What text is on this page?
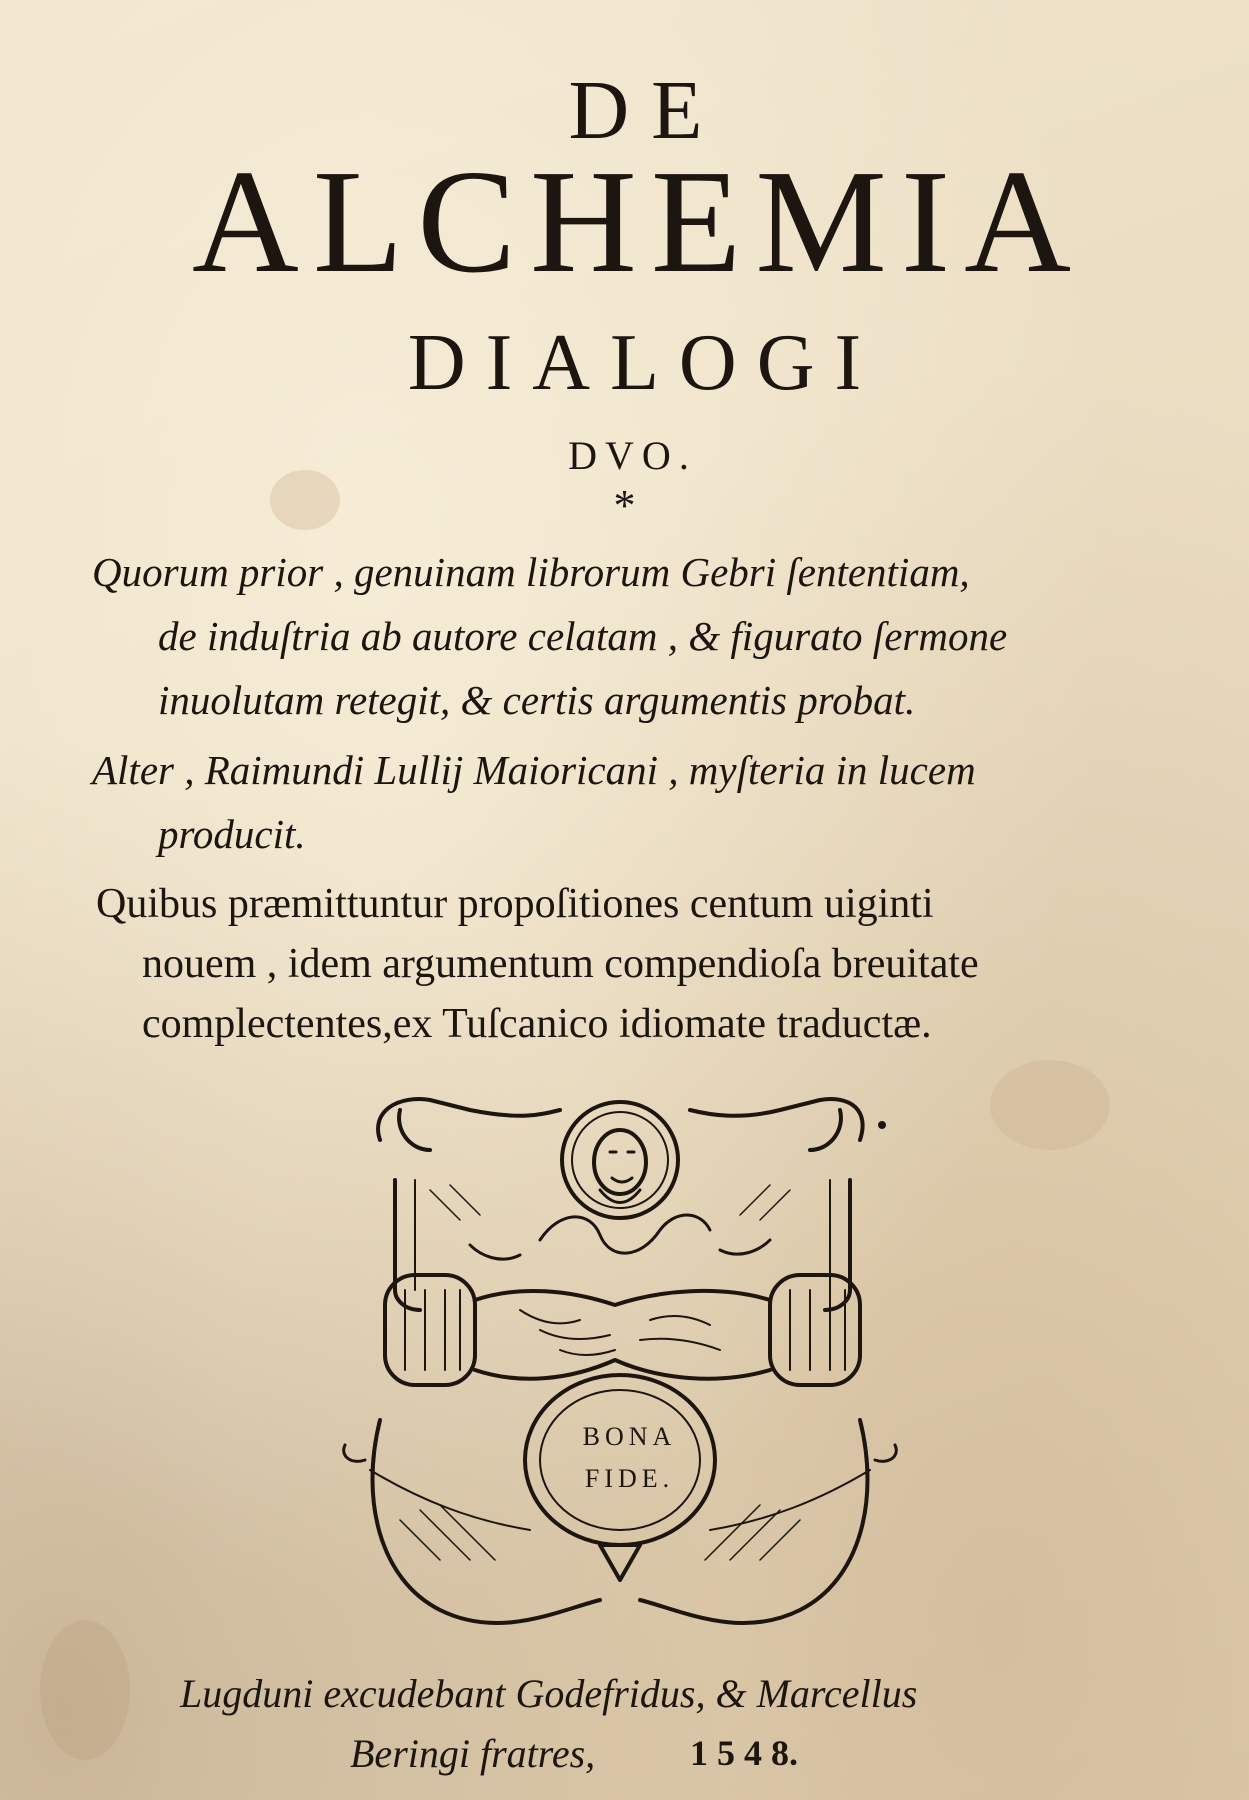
DE
ALCHEMIA
DIALOGI
DVO.
*
Quorum prior , genuinam librorum Gebri ſententiam,
de induſtria ab autore celatam , & figurato ſermone
inuolutam retegit, & certis argumentis probat.
Alter , Raimundi Lullij Maioricani , myſteria in lucem
producit.
Quibus præmittuntur propoſitiones centum uiginti
nouem , idem argumentum compendioſa breuitate
complectentes,ex Tuſcanico idiomate traductæ.
BONA
FIDE.
Lugduni excudebant Godefridus, & Marcellus
Beringi fratres,	1 5 4 8.
